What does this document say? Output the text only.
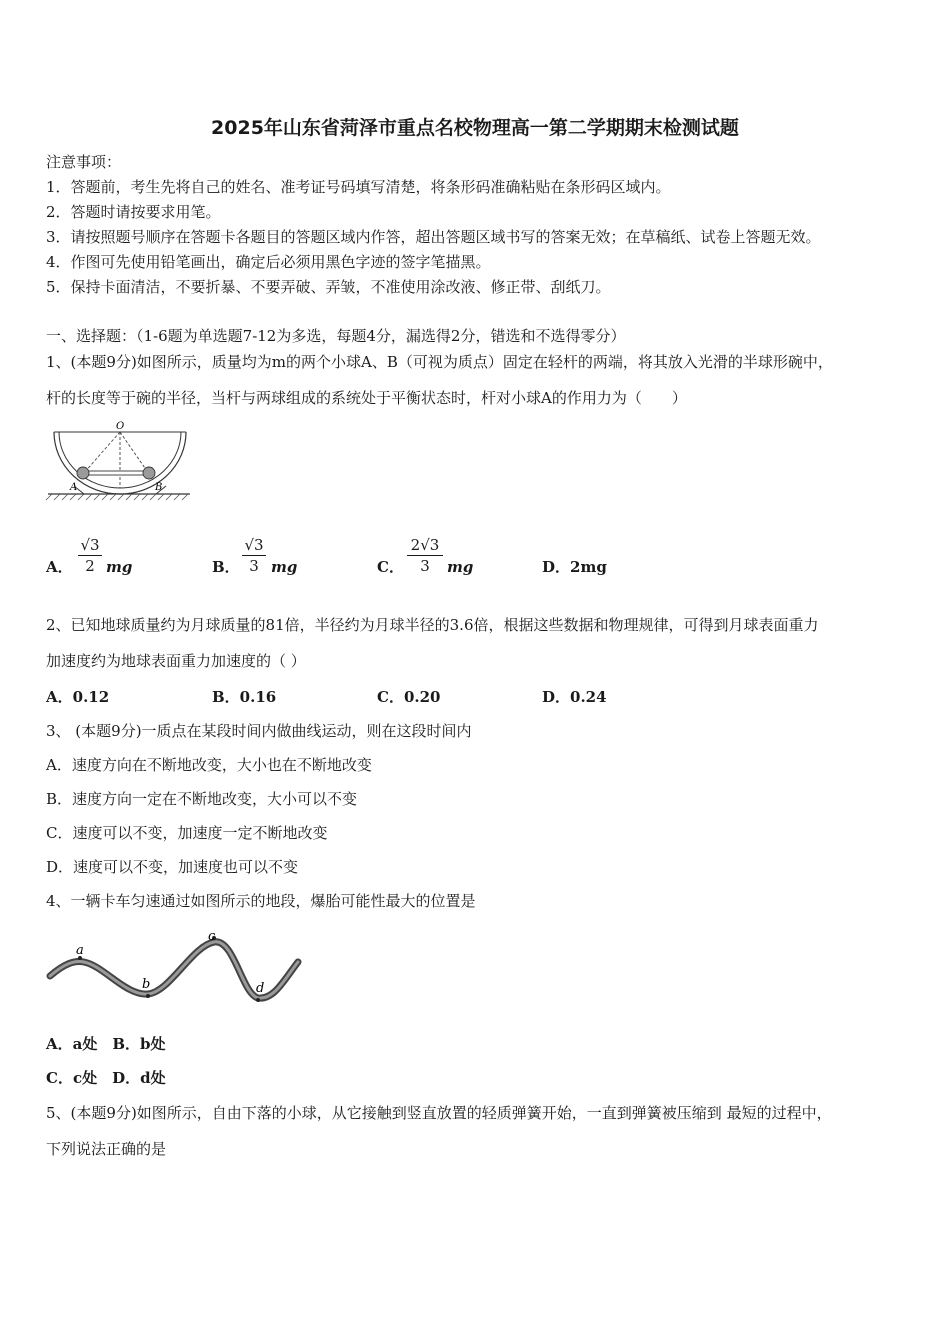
2025年山东省菏泽市重点名校物理高一第二学期期末检测试题
注意事项：
1．答题前，考生先将自己的姓名、准考证号码填写清楚，将条形码准确粘贴在条形码区域内。
2．答题时请按要求用笔。
3．请按照题号顺序在答题卡各题目的答题区域内作答，超出答题区域书写的答案无效；在草稿纸、试卷上答题无效。
4．作图可先使用铅笔画出，确定后必须用黑色字迹的签字笔描黑。
5．保持卡面清洁，不要折暴、不要弄破、弄皱，不准使用涂改液、修正带、刮纸刀。
一、选择题：（1-6题为单选题7-12为多选，每题4分，漏选得2分，错选和不选得零分）
1、(本题9分)如图所示，质量均为m的两个小球A、B（可视为质点）固定在轻杆的两端，将其放入光滑的半球形碗中，
杆的长度等于碗的半径，当杆与两球组成的系统处于平衡状态时，杆对小球A的作用力为（　　）
O
A	B
A．
√3
2 mg	B．
√3
3 mg	C．
2√3
3	mg	D．2mg
2、已知地球质量约为月球质量的81倍，半径约为月球半径的3.6倍，根据这些数据和物理规律，可得到月球表面重力
加速度约为地球表面重力加速度的（ ）
A．0.12	B．0.16	C．0.20	D．0.24
3、 (本题9分)一质点在某段时间内做曲线运动，则在这段时间内
A．速度方向在不断地改变，大小也在不断地改变
B．速度方向一定在不断地改变，大小可以不变
C．速度可以不变，加速度一定不断地改变
D．速度可以不变，加速度也可以不变
4、一辆卡车匀速通过如图所示的地段，爆胎可能性最大的位置是
a
b
c
d
A．a处　B．b处
C．c处　D．d处
5、(本题9分)如图所示，自由下落的小球，从它接触到竖直放置的轻质弹簧开始，一直到弹簧被压缩到 最短的过程中，
下列说法正确的是
